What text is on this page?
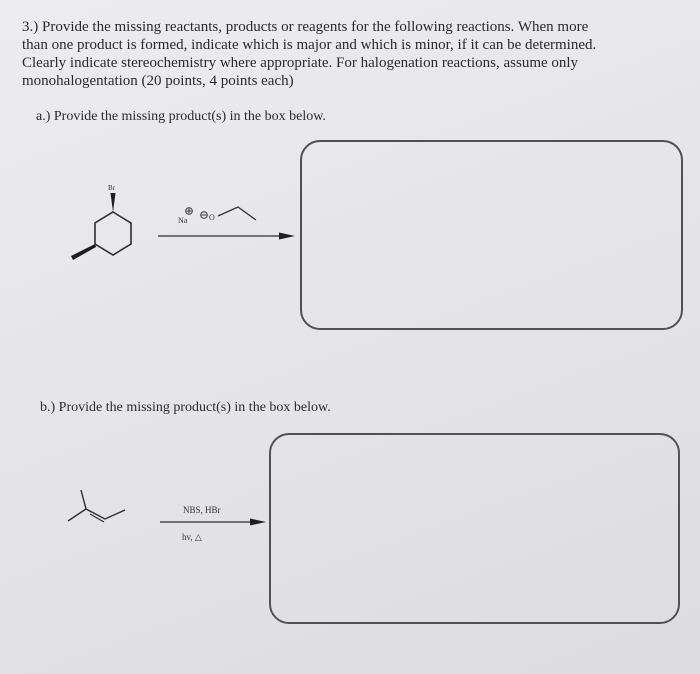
3.) Provide the missing reactants, products or reagents for the following reactions. When more
than one product is formed, indicate which is major and which is minor, if it can be determined.
Clearly indicate stereochemistry where appropriate. For halogenation reactions, assume only
monohalogentation (20 points, 4 points each)

a.) Provide the missing product(s) in the box below.

Br
Na	O

b.) Provide the missing product(s) in the box below.

NBS, HBr
hv, △
